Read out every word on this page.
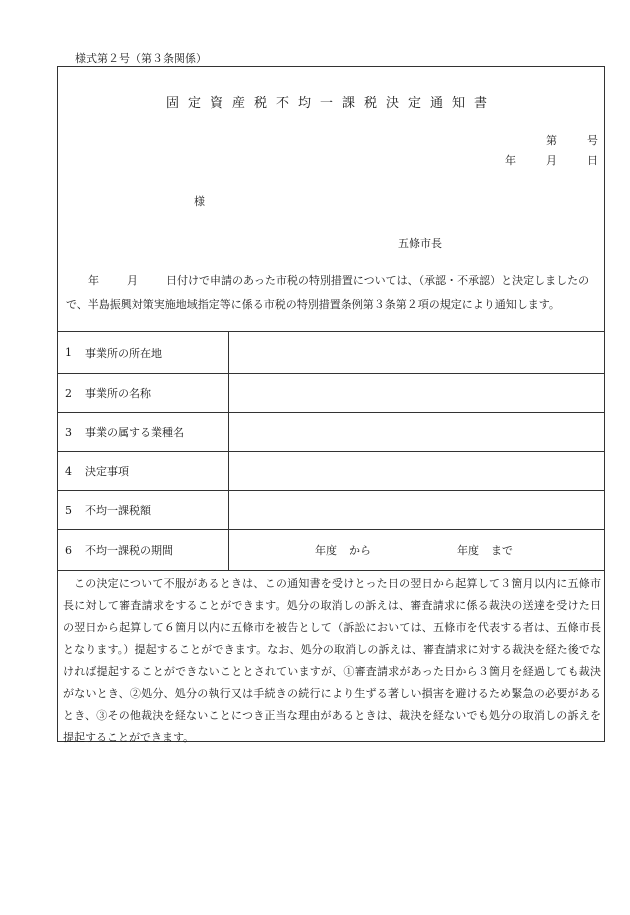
様式第２号（第３条関係）
固定資産税不均一課税決定通知書
第	号
年	月	日
様
五條市長
年	月	日付けで申請のあった市税の特別措置については、（承認・不承認）と決定しましたので、半島振興対策実施地域指定等に係る市税の特別措置条例第３条第２項の規定により通知します。
1	事業所の所在地
2	事業所の名称
3	事業の属する業種名
4	決定事項
5	不均一課税額
6	不均一課税の期間	年度 から	年度 まで
この決定について不服があるときは、この通知書を受けとった日の翌日から起算して３箇月以内に五條市長に対して審査請求をすることができます。処分の取消しの訴えは、審査請求に係る裁決の送達を受けた日の翌日から起算して６箇月以内に五條市を被告として（訴訟においては、五條市を代表する者は、五條市長となります。）提起することができます。なお、処分の取消しの訴えは、審査請求に対する裁決を経た後でなければ提起することができないこととされていますが、①審査請求があった日から３箇月を経過しても裁決がないとき、②処分、処分の執行又は手続きの続行により生ずる著しい損害を避けるため緊急の必要があるとき、③その他裁決を経ないことにつき正当な理由があるときは、裁決を経ないでも処分の取消しの訴えを提起することができます。
